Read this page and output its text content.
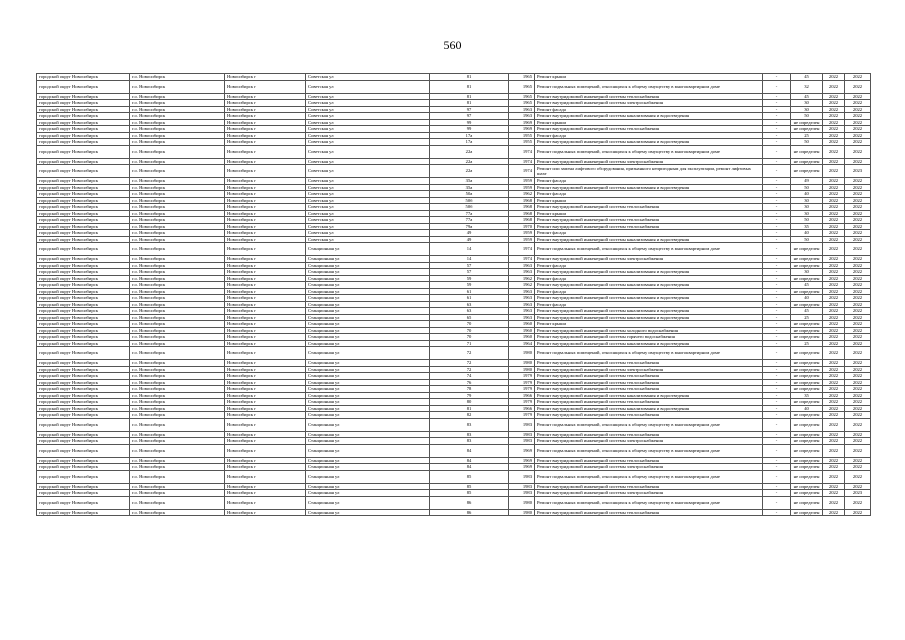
560
городской округ Новосибирск	г.о. Новосибирск	Новосибирск г	Советская ул	81	1965	Ремонт крыши	-	45	2022	2022
городской округ Новосибирск	г.о. Новосибирск	Новосибирск г	Советская ул	81	1965	Ремонт подвальных помещений, относящихся к общему имуществу в многоквартирном доме	-	32	2022	2022
городской округ Новосибирск	г.о. Новосибирск	Новосибирск г	Советская ул	81	1965	Ремонт внутридомовой инженерной системы теплоснабжения	-	45	2022	2022
городской округ Новосибирск	г.о. Новосибирск	Новосибирск г	Советская ул	81	1965	Ремонт внутридомовой инженерной системы электроснабжения	-	30	2022	2022
городской округ Новосибирск	г.о. Новосибирск	Новосибирск г	Советская ул	97	1963	Ремонт фасада	-	30	2022	2022
городской округ Новосибирск	г.о. Новосибирск	Новосибирск г	Советская ул	97	1963	Ремонт внутридомовой инженерной системы канализования и водоотведения	-	50	2022	2022
городской округ Новосибирск	г.о. Новосибирск	Новосибирск г	Советская ул	99	1969	Ремонт крыши	-	не определен	2022	2022
городской округ Новосибирск	г.о. Новосибирск	Новосибирск г	Советская ул	99	1969	Ремонт внутридомовой инженерной системы теплоснабжения	-	не определен	2022	2022
городской округ Новосибирск	г.о. Новосибирск	Новосибирск г	Советская ул	17а	1955	Ремонт фасада	-	25	2022	2022
городской округ Новосибирск	г.о. Новосибирск	Новосибирск г	Советская ул	17а	1955	Ремонт внутридомовой инженерной системы канализования и водоотведения	-	50	2022	2022
городской округ Новосибирск	г.о. Новосибирск	Новосибирск г	Советская ул	22а	1974	Ремонт подвальных помещений, относящихся к общему имуществу в многоквартирном доме	-	не определен	2022	2022
городской округ Новосибирск	г.о. Новосибирск	Новосибирск г	Советская ул	22а	1974	Ремонт внутридомовой инженерной системы электроснабжения	-	не определен	2022	2022
городской округ Новосибирск	г.о. Новосибирск	Новосибирск г	Советская ул	22а	1974	Ремонт или замена лифтового оборудования, признанного непригодным для эксплуатации, ремонт лифтовых шахт	-	не определен	2022	2023
городской округ Новосибирск	г.о. Новосибирск	Новосибирск г	Советская ул	35а	1959	Ремонт фасада	-	49	2022	2022
городской округ Новосибирск	г.о. Новосибирск	Новосибирск г	Советская ул	35а	1959	Ремонт внутридомовой инженерной системы канализования и водоотведения	-	50	2022	2022
городской округ Новосибирск	г.о. Новосибирск	Новосибирск г	Советская ул	50а	1962	Ремонт фасада	-	40	2022	2022
городской округ Новосибирск	г.о. Новосибирск	Новосибирск г	Советская ул	50б	1968	Ремонт крыши	-	30	2022	2022
городской округ Новосибирск	г.о. Новосибирск	Новосибирск г	Советская ул	50б	1968	Ремонт внутридомовой инженерной системы теплоснабжения	-	30	2022	2022
городской округ Новосибирск	г.о. Новосибирск	Новосибирск г	Советская ул	77а	1968	Ремонт крыши	-	30	2022	2022
городской округ Новосибирск	г.о. Новосибирск	Новосибирск г	Советская ул	77а	1968	Ремонт внутридомовой инженерной системы теплоснабжения	-	50	2022	2022
городской округ Новосибирск	г.о. Новосибирск	Новосибирск г	Советская ул	79а	1970	Ремонт внутридомовой инженерной системы теплоснабжения	-	35	2022	2022
городской округ Новосибирск	г.о. Новосибирск	Новосибирск г	Советская ул	49	1959	Ремонт фасада	-	40	2022	2022
городской округ Новосибирск	г.о. Новосибирск	Новосибирск г	Советская ул	49	1959	Ремонт внутридомовой инженерной системы канализования и водоотведения	-	50	2022	2022
городской округ Новосибирск	г.о. Новосибирск	Новосибирск г	Станционная ул	14	1974	Ремонт подвальных помещений, относящихся к общему имуществу в многоквартирном доме	-	не определен	2022	2022
городской округ Новосибирск	г.о. Новосибирск	Новосибирск г	Станционная ул	14	1974	Ремонт внутридомовой инженерной системы электроснабжения	-	не определен	2022	2022
городской округ Новосибирск	г.о. Новосибирск	Новосибирск г	Станционная ул	57	1963	Ремонт фасада	-	не определен	2022	2022
городской округ Новосибирск	г.о. Новосибирск	Новосибирск г	Станционная ул	57	1963	Ремонт внутридомовой инженерной системы канализования и водоотведения	-	30	2022	2022
городской округ Новосибирск	г.о. Новосибирск	Новосибирск г	Станционная ул	59	1962	Ремонт фасада	-	не определен	2022	2022
городской округ Новосибирск	г.о. Новосибирск	Новосибирск г	Станционная ул	59	1962	Ремонт внутридомовой инженерной системы канализования и водоотведения	-	45	2022	2022
городской округ Новосибирск	г.о. Новосибирск	Новосибирск г	Станционная ул	61	1963	Ремонт фасада	-	не определен	2022	2022
городской округ Новосибирск	г.о. Новосибирск	Новосибирск г	Станционная ул	61	1963	Ремонт внутридомовой инженерной системы канализования и водоотведения	-	40	2022	2022
городской округ Новосибирск	г.о. Новосибирск	Новосибирск г	Станционная ул	63	1963	Ремонт фасада	-	не определен	2022	2022
городской округ Новосибирск	г.о. Новосибирск	Новосибирск г	Станционная ул	63	1963	Ремонт внутридомовой инженерной системы канализования и водоотведения	-	45	2022	2022
городской округ Новосибирск	г.о. Новосибирск	Новосибирск г	Станционная ул	65	1963	Ремонт внутридомовой инженерной системы канализования и водоотведения	-	25	2022	2022
городской округ Новосибирск	г.о. Новосибирск	Новосибирск г	Станционная ул	70	1960	Ремонт крыши	-	не определен	2022	2022
городской округ Новосибирск	г.о. Новосибирск	Новосибирск г	Станционная ул	70	1960	Ремонт внутридомовой инженерной системы холодного водоснабжения	-	не определен	2022	2022
городской округ Новосибирск	г.о. Новосибирск	Новосибирск г	Станционная ул	70	1960	Ремонт внутридомовой инженерной системы горячего водоснабжения	-	не определен	2022	2022
городской округ Новосибирск	г.о. Новосибирск	Новосибирск г	Станционная ул	71	1964	Ремонт внутридомовой инженерной системы канализования и водоотведения	-	25	2022	2022
городской округ Новосибирск	г.о. Новосибирск	Новосибирск г	Станционная ул	72	1980	Ремонт подвальных помещений, относящихся к общему имуществу в многоквартирном доме	-	не определен	2022	2022
городской округ Новосибирск	г.о. Новосибирск	Новосибирск г	Станционная ул	72	1980	Ремонт внутридомовой инженерной системы теплоснабжения	-	не определен	2022	2022
городской округ Новосибирск	г.о. Новосибирск	Новосибирск г	Станционная ул	72	1980	Ремонт внутридомовой инженерной системы электроснабжения	-	не определен	2022	2022
городской округ Новосибирск	г.о. Новосибирск	Новосибирск г	Станционная ул	74	1979	Ремонт внутридомовой инженерной системы теплоснабжения	-	не определен	2022	2022
городской округ Новосибирск	г.о. Новосибирск	Новосибирск г	Станционная ул	76	1979	Ремонт внутридомовой инженерной системы теплоснабжения	-	не определен	2022	2022
городской округ Новосибирск	г.о. Новосибирск	Новосибирск г	Станционная ул	78	1979	Ремонт внутридомовой инженерной системы теплоснабжения	-	не определен	2022	2022
городской округ Новосибирск	г.о. Новосибирск	Новосибирск г	Станционная ул	79	1966	Ремонт внутридомовой инженерной системы канализования и водоотведения	-	35	2022	2022
городской округ Новосибирск	г.о. Новосибирск	Новосибирск г	Станционная ул	80	1979	Ремонт внутридомовой инженерной системы теплоснабжения	-	не определен	2022	2022
городской округ Новосибирск	г.о. Новосибирск	Новосибирск г	Станционная ул	81	1966	Ремонт внутридомовой инженерной системы канализования и водоотведения	-	40	2022	2022
городской округ Новосибирск	г.о. Новосибирск	Новосибирск г	Станционная ул	82	1979	Ремонт внутридомовой инженерной системы теплоснабжения	-	не определен	2022	2022
городской округ Новосибирск	г.о. Новосибирск	Новосибирск г	Станционная ул	83	1983	Ремонт подвальных помещений, относящихся к общему имуществу в многоквартирном доме	-	не определен	2022	2022
городской округ Новосибирск	г.о. Новосибирск	Новосибирск г	Станционная ул	83	1983	Ремонт внутридомовой инженерной системы теплоснабжения	-	не определен	2022	2022
городской округ Новосибирск	г.о. Новосибирск	Новосибирск г	Станционная ул	83	1983	Ремонт внутридомовой инженерной системы электроснабжения	-	не определен	2022	2022
городской округ Новосибирск	г.о. Новосибирск	Новосибирск г	Станционная ул	84	1969	Ремонт подвальных помещений, относящихся к общему имуществу в многоквартирном доме	-	не определен	2022	2022
городской округ Новосибирск	г.о. Новосибирск	Новосибирск г	Станционная ул	84	1969	Ремонт внутридомовой инженерной системы теплоснабжения	-	не определен	2022	2022
городской округ Новосибирск	г.о. Новосибирск	Новосибирск г	Станционная ул	84	1969	Ремонт внутридомовой инженерной системы электроснабжения	-	не определен	2022	2022
городской округ Новосибирск	г.о. Новосибирск	Новосибирск г	Станционная ул	85	1983	Ремонт подвальных помещений, относящихся к общему имуществу в многоквартирном доме	-	не определен	2022	2022
городской округ Новосибирск	г.о. Новосибирск	Новосибирск г	Станционная ул	85	1983	Ремонт внутридомовой инженерной системы теплоснабжения	-	не определен	2022	2022
городской округ Новосибирск	г.о. Новосибирск	Новосибирск г	Станционная ул	85	1983	Ремонт внутридомовой инженерной системы электроснабжения	-	не определен	2022	2023
городской округ Новосибирск	г.о. Новосибирск	Новосибирск г	Станционная ул	86	1980	Ремонт подвальных помещений, относящихся к общему имуществу в многоквартирном доме	-	не определен	2022	2022
городской округ Новосибирск	г.о. Новосибирск	Новосибирск г	Станционная ул	86	1980	Ремонт внутридомовой инженерной системы теплоснабжения	-	не определен	2022	2022
